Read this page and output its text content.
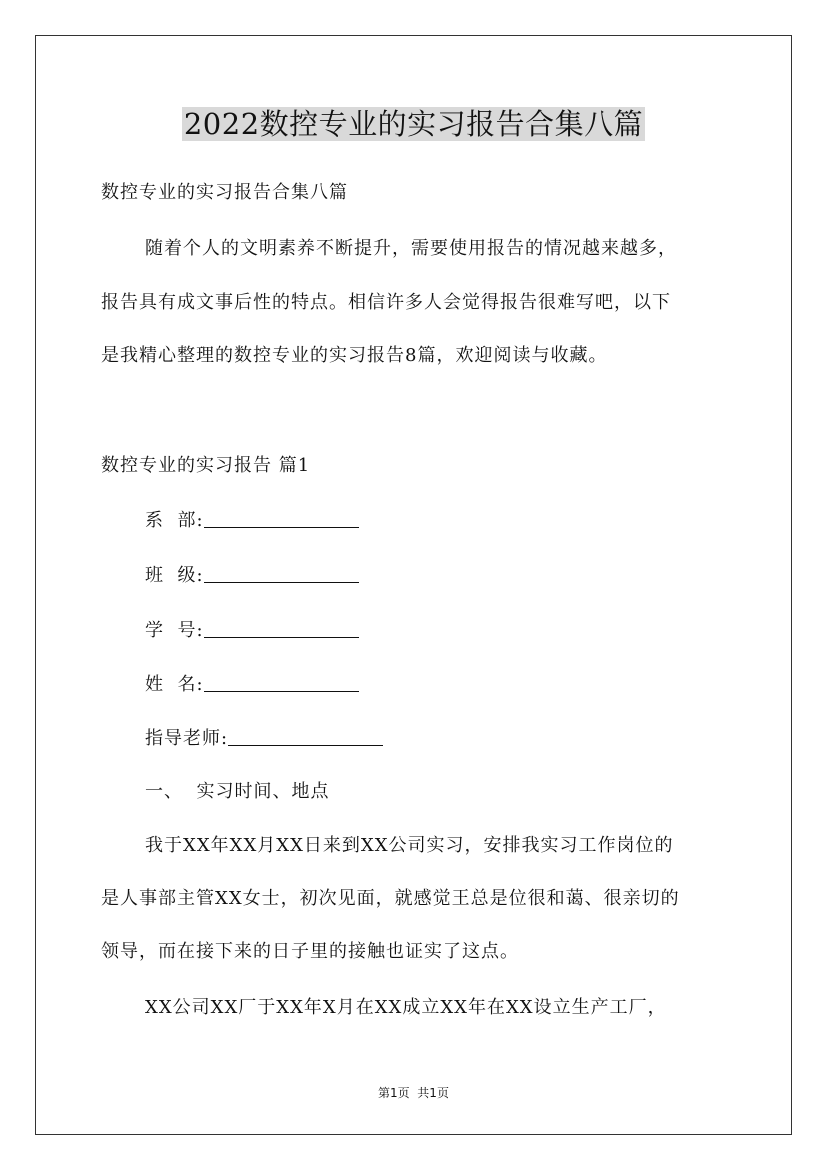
2022数控专业的实习报告合集八篇
数控专业的实习报告合集八篇
随着个人的文明素养不断提升，需要使用报告的情况越来越多，
报告具有成文事后性的特点。相信许多人会觉得报告很难写吧，以下
是我精心整理的数控专业的实习报告8篇，欢迎阅读与收藏。
数控专业的实习报告 篇1
系  部:
班  级:
学  号:
姓  名:
指导老师:
一、  实习时间、地点
我于XX年XX月XX日来到XX公司实习，安排我实习工作岗位的
是人事部主管XX女士，初次见面，就感觉王总是位很和蔼、很亲切的
领导，而在接下来的日子里的接触也证实了这点。
XX公司XX厂于XX年X月在XX成立XX年在XX设立生产工厂，
第1页  共1页
